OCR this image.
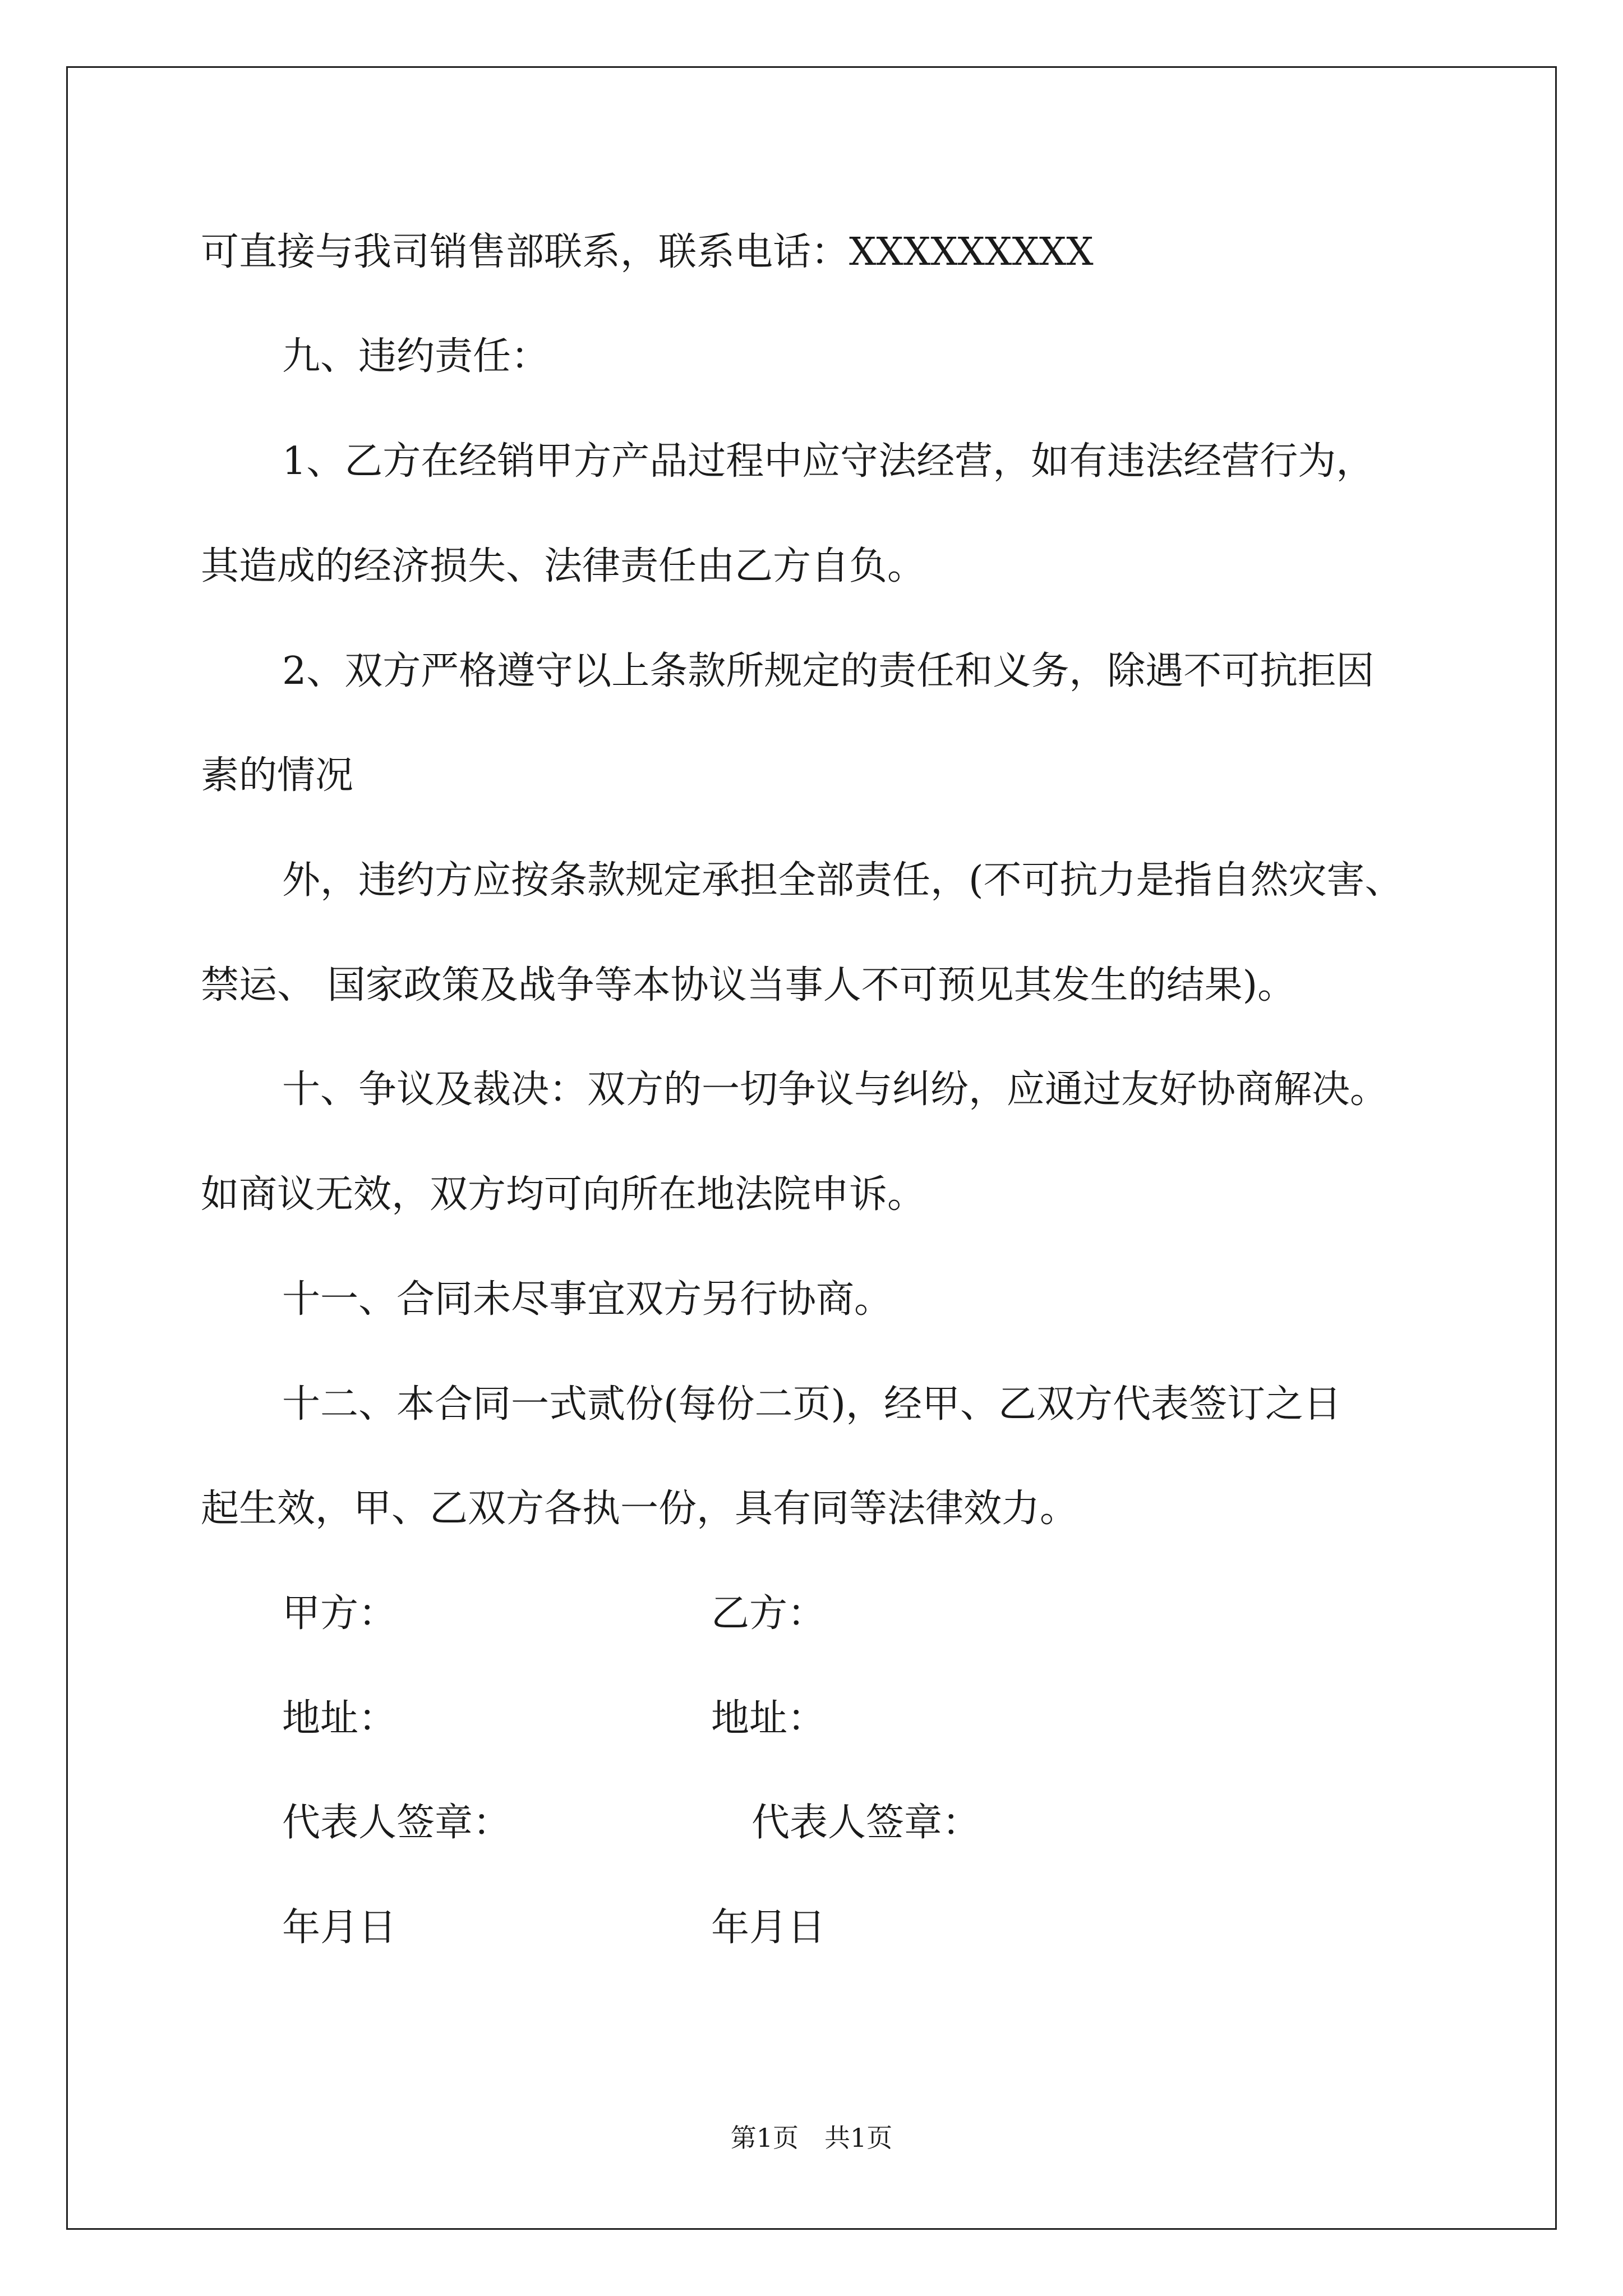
可直接与我司销售部联系，联系电话：XXXXXXXXX
九、违约责任：
1、乙方在经销甲方产品过程中应守法经营，如有违法经营行为，
其造成的经济损失、法律责任由乙方自负。
2、双方严格遵守以上条款所规定的责任和义务，除遇不可抗拒因
素的情况
外，违约方应按条款规定承担全部责任，(不可抗力是指自然灾害、
禁运、 国家政策及战争等本协议当事人不可预见其发生的结果)。
十、争议及裁决：双方的一切争议与纠纷，应通过友好协商解决。
如商议无效，双方均可向所在地法院申诉。
十一、合同未尽事宜双方另行协商。
十二、本合同一式贰份(每份二页)，经甲、乙双方代表签订之日
起生效，甲、乙双方各执一份，具有同等法律效力。
甲方：	乙方：
地址：	地址：
代表人签章：	代表人签章：
年月日	年月日
第1页　共1页
